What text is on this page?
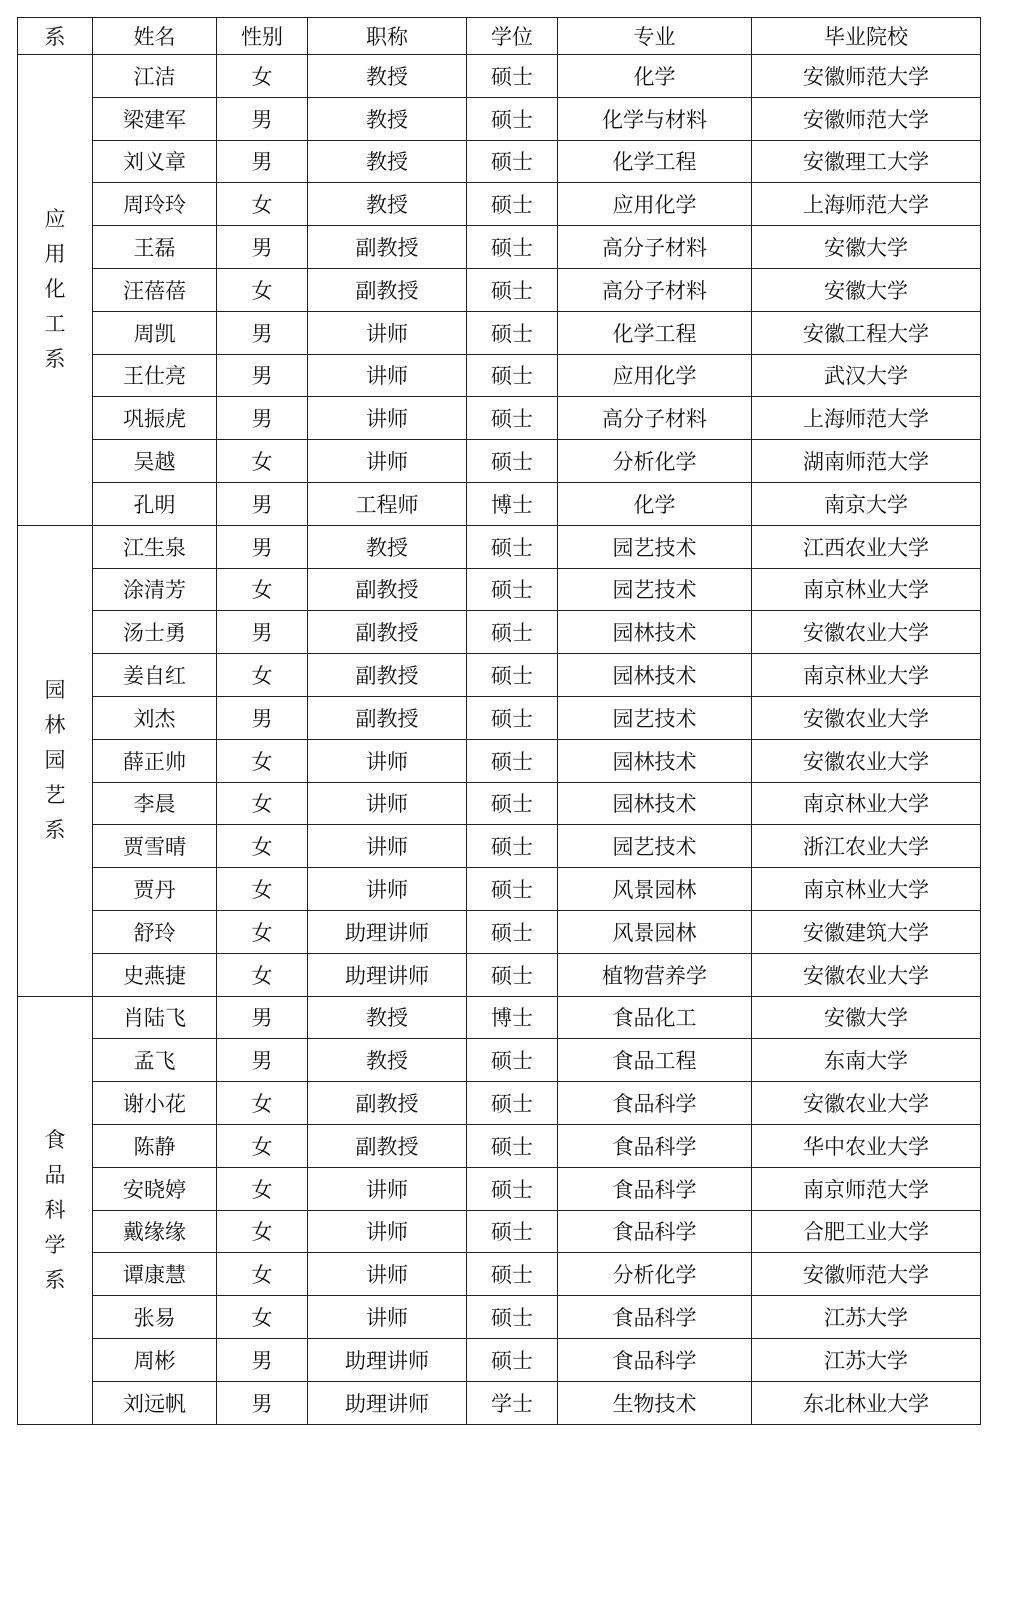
系	姓名	性别	职称	学位	专业	毕业院校

应
用
化
工
系	江洁	女	教授	硕士	化学	安徽师范大学
	梁建军	男	教授	硕士	化学与材料	安徽师范大学
	刘义章	男	教授	硕士	化学工程	安徽理工大学
	周玲玲	女	教授	硕士	应用化学	上海师范大学
	王磊	男	副教授	硕士	高分子材料	安徽大学
	汪蓓蓓	女	副教授	硕士	高分子材料	安徽大学
	周凯	男	讲师	硕士	化学工程	安徽工程大学
	王仕亮	男	讲师	硕士	应用化学	武汉大学
	巩振虎	男	讲师	硕士	高分子材料	上海师范大学
	吴越	女	讲师	硕士	分析化学	湖南师范大学
	孔明	男	工程师	博士	化学	南京大学

园
林
园
艺
系	江生泉	男	教授	硕士	园艺技术	江西农业大学
	涂清芳	女	副教授	硕士	园艺技术	南京林业大学
	汤士勇	男	副教授	硕士	园林技术	安徽农业大学
	姜自红	女	副教授	硕士	园林技术	南京林业大学
	刘杰	男	副教授	硕士	园艺技术	安徽农业大学
	薛正帅	女	讲师	硕士	园林技术	安徽农业大学
	李晨	女	讲师	硕士	园林技术	南京林业大学
	贾雪晴	女	讲师	硕士	园艺技术	浙江农业大学
	贾丹	女	讲师	硕士	风景园林	南京林业大学
	舒玲	女	助理讲师	硕士	风景园林	安徽建筑大学
	史燕捷	女	助理讲师	硕士	植物营养学	安徽农业大学

食
品
科
学
系	肖陆飞	男	教授	博士	食品化工	安徽大学
	孟飞	男	教授	硕士	食品工程	东南大学
	谢小花	女	副教授	硕士	食品科学	安徽农业大学
	陈静	女	副教授	硕士	食品科学	华中农业大学
	安晓婷	女	讲师	硕士	食品科学	南京师范大学
	戴缘缘	女	讲师	硕士	食品科学	合肥工业大学
	谭康慧	女	讲师	硕士	分析化学	安徽师范大学
	张易	女	讲师	硕士	食品科学	江苏大学
	周彬	男	助理讲师	硕士	食品科学	江苏大学
	刘远帆	男	助理讲师	学士	生物技术	东北林业大学
